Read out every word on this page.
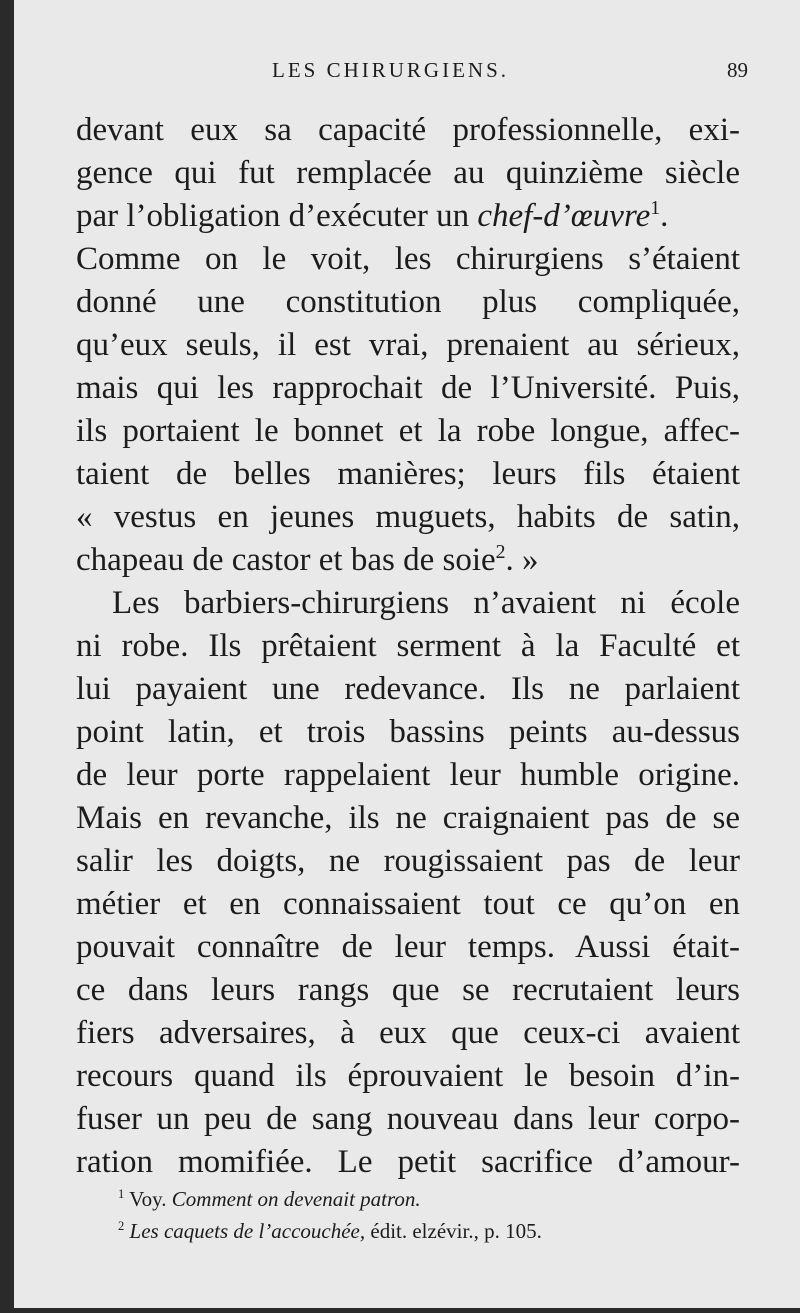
LES CHIRURGIENS.	89
devant eux sa capacité professionnelle, exi-
gence qui fut remplacée au quinzième siècle
par l’obligation d’exécuter un chef-d’œuvre$^1$.
Comme on le voit, les chirurgiens s’étaient
donné une constitution plus compliquée,
qu’eux seuls, il est vrai, prenaient au sérieux,
mais qui les rapprochait de l’Université. Puis,
ils portaient le bonnet et la robe longue, affec-
taient de belles manières; leurs fils étaient
« vestus en jeunes muguets, habits de satin,
chapeau de castor et bas de soie$^2$. »
Les barbiers-chirurgiens n’avaient ni école
ni robe. Ils prêtaient serment à la Faculté et
lui payaient une redevance. Ils ne parlaient
point latin, et trois bassins peints au-dessus
de leur porte rappelaient leur humble origine.
Mais en revanche, ils ne craignaient pas de se
salir les doigts, ne rougissaient pas de leur
métier et en connaissaient tout ce qu’on en
pouvait connaître de leur temps. Aussi était-
ce dans leurs rangs que se recrutaient leurs
fiers adversaires, à eux que ceux-ci avaient
recours quand ils éprouvaient le besoin d’in-
fuser un peu de sang nouveau dans leur corpo-
ration momifiée. Le petit sacrifice d’amour-
$^1$ Voy. Comment on devenait patron.
$^2$ Les caquets de l’accouchée, édit. elzévir., p. 105.
